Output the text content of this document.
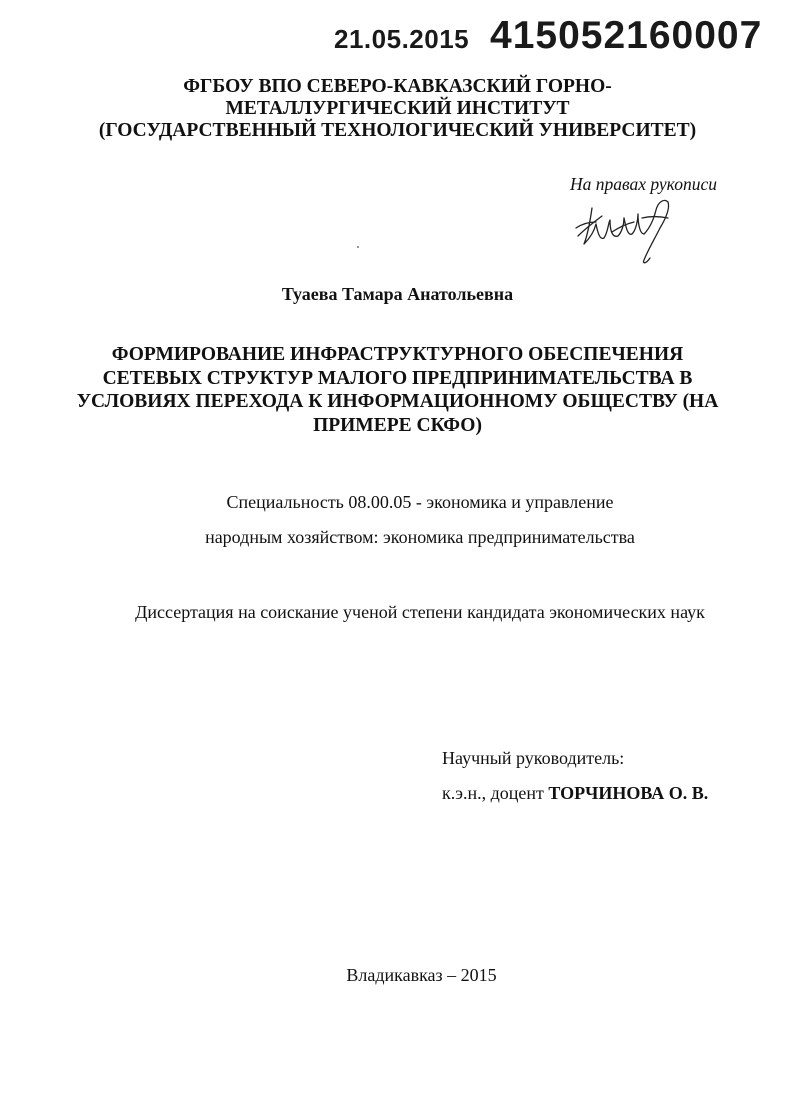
21.05.2015 415052160007
ФГБОУ ВПО СЕВЕРО-КАВКАЗСКИЙ ГОРНО-
МЕТАЛЛУРГИЧЕСКИЙ ИНСТИТУТ
(ГОСУДАРСТВЕННЫЙ ТЕХНОЛОГИЧЕСКИЙ УНИВЕРСИТЕТ)
На правах рукописи
Туаева Тамара Анатольевна
ФОРМИРОВАНИЕ ИНФРАСТРУКТУРНОГО ОБЕСПЕЧЕНИЯ
СЕТЕВЫХ СТРУКТУР МАЛОГО ПРЕДПРИНИМАТЕЛЬСТВА В
УСЛОВИЯХ ПЕРЕХОДА К ИНФОРМАЦИОННОМУ ОБЩЕСТВУ (НА
ПРИМЕРЕ СКФО)
Специальность 08.00.05 - экономика и управление
народным хозяйством: экономика предпринимательства
Диссертация на соискание ученой степени кандидата экономических наук
Научный руководитель:
к.э.н., доцент ТОРЧИНОВА О. В.
Владикавказ – 2015
